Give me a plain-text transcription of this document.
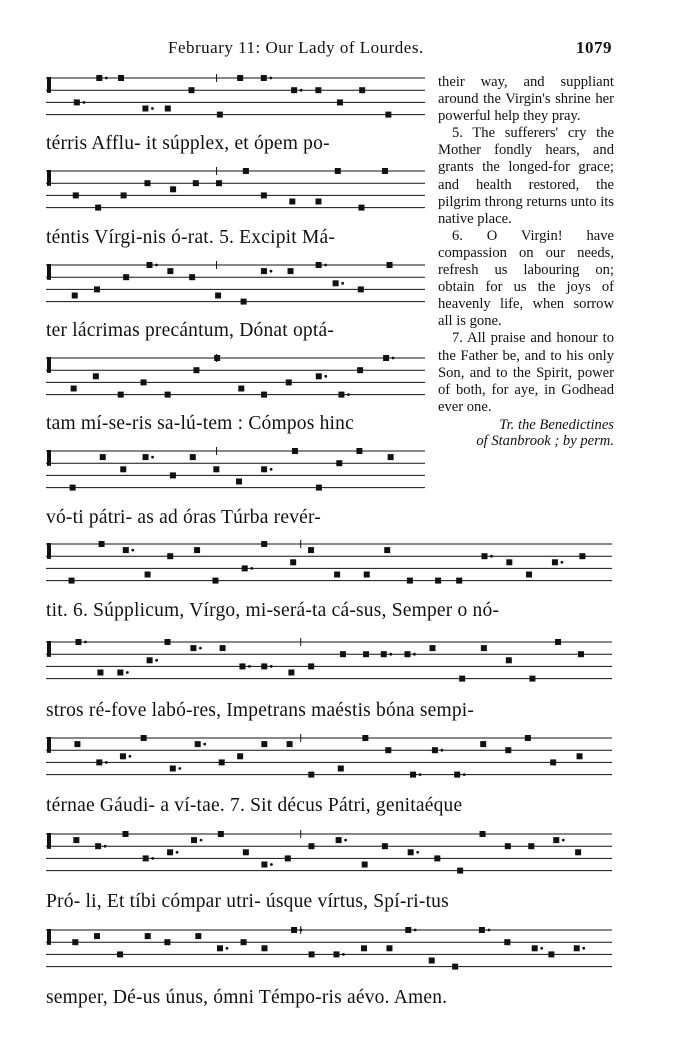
February 11: Our Lady of Lourdes.	1079
térris Afflu- it súpplex, et ópem po-
téntis Vírgi-nis ó-rat. 5. Excipit Má-
ter lácrimas precántum, Dónat optá-
tam mí-se-ris sa-lú-tem : Cómpos hinc
vó-ti pátri- as ad óras Túrba revér-
tit. 6. Súpplicum, Vírgo, mi-será-ta cá-sus, Semper o nó-
stros ré-fove labó-res, Impetrans maéstis bóna sempi-
térnae Gáudi- a ví-tae. 7. Sit décus Pátri, genitaéque
Pró- li, Et tíbi cómpar utri- úsque vírtus, Spí-ri-tus
semper, Dé-us únus, ómni Témpo-ris aévo. Amen.

their way, and suppliant around the Virgin's shrine her powerful help they pray.

5. The sufferers' cry the Mother fondly hears, and grants the longed-for grace; and health restored, the pilgrim throng returns unto its native place.

6. O Virgin! have compassion on our needs, refresh us labouring on; obtain for us the joys of heavenly life, when sorrow all is gone.

7. All praise and honour to the Father be, and to his only Son, and to the Spirit, power of both, for aye, in Godhead ever one.

Tr. the Benedictines

of Stanbrook ; by perm.
